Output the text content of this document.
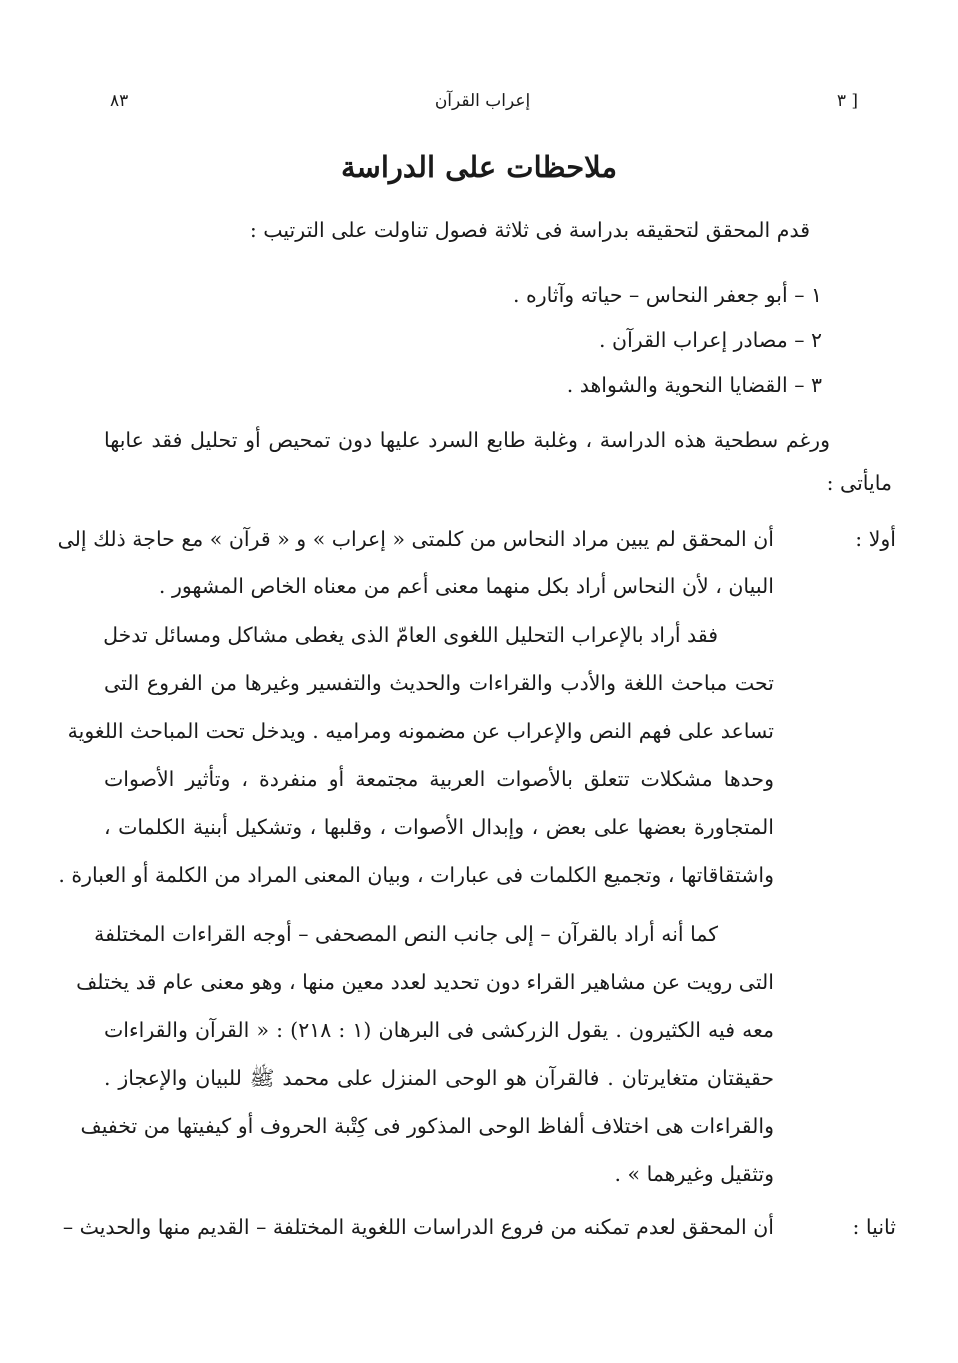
[ ٣
إعراب القرآن
٨٣
ملاحظات على الدراسة
قدم المحقق لتحقيقه بدراسة فى ثلاثة فصول تناولت على الترتيب :
١ – أبو جعفر النحاس – حياته وآثاره .
٢ – مصادر إعراب القرآن .
٣ – القضايا النحوية والشواهد .
ورغم سطحية هذه الدراسة ، وغلبة طابع السرد عليها دون تمحيص أو تحليل فقد عابها
مايأتى :
أولا :
أن المحقق لم يبين مراد النحاس من كلمتى « إعراب » و « قرآن » مع حاجة ذلك إلى
البيان ، لأن النحاس أراد بكل منهما معنى أعم من معناه الخاص المشهور .
فقد أراد بالإعراب التحليل اللغوى العامّ الذى يغطى مشاكل ومسائل تدخل
تحت مباحث اللغة والأدب والقراءات والحديث والتفسير وغيرها من الفروع التى
تساعد على فهم النص والإعراب عن مضمونه ومراميه . ويدخل تحت المباحث اللغوية
وحدها مشكلات تتعلق بالأصوات العربية مجتمعة أو منفردة ، وتأثير الأصوات
المتجاورة بعضها على بعض ، وإبدال الأصوات ، وقلبها ، وتشكيل أبنية الكلمات ،
واشتقاقاتها ، وتجميع الكلمات فى عبارات ، وبيان المعنى المراد من الكلمة أو العبارة .
كما أنه أراد بالقرآن – إلى جانب النص المصحفى – أوجه القراءات المختلفة
التى رويت عن مشاهير القراء دون تحديد لعدد معين منها ، وهو معنى عام قد يختلف
معه فيه الكثيرون . يقول الزركشى فى البرهان (١ : ٢١٨) : « القرآن والقراءات
حقيقتان متغايرتان . فالقرآن هو الوحى المنزل على محمد ﷺ للبيان والإعجاز .
والقراءات هى اختلاف ألفاظ الوحى المذكور فى كِتْبة الحروف أو كيفيتها من تخفيف
وتثقيل وغيرهما » .
ثانيا :
أن المحقق لعدم تمكنه من فروع الدراسات اللغوية المختلفة – القديم منها والحديث –
